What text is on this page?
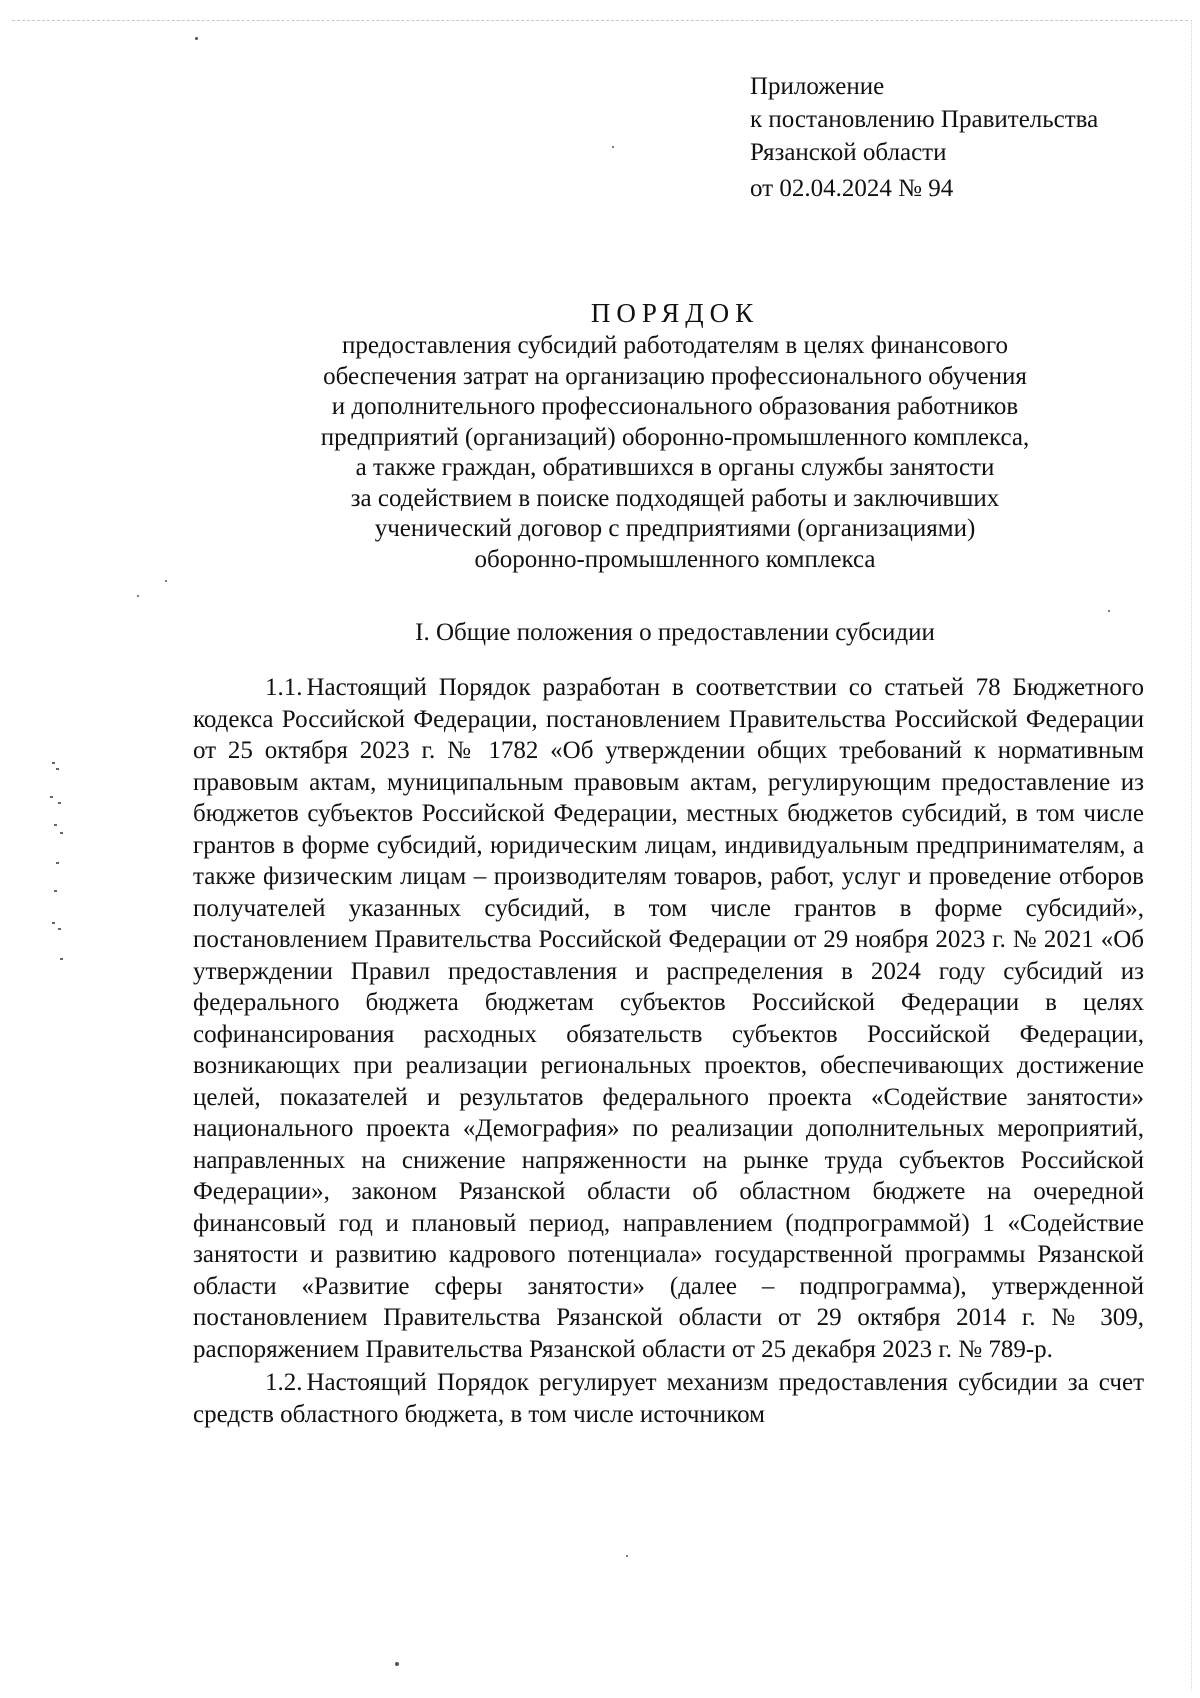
Приложение
к постановлению Правительства
Рязанской области
от 02.04.2024 № 94
ПОРЯДОК
предоставления субсидий работодателям в целях финансового
обеспечения затрат на организацию профессионального обучения
и дополнительного профессионального образования работников
предприятий (организаций) оборонно-промышленного комплекса,
а также граждан, обратившихся в органы службы занятости
за содействием в поиске подходящей работы и заключивших
ученический договор с предприятиями (организациями)
оборонно-промышленного комплекса
I. Общие положения о предоставлении субсидии

1.1. Настоящий Порядок разработан в соответствии со статьей 78 Бюджетного кодекса Российской Федерации, постановлением Правительства Российской Федерации от 25 октября 2023 г. № 1782 «Об утверждении общих требований к нормативным правовым актам, муниципальным правовым актам, регулирующим предоставление из бюджетов субъектов Российской Федерации, местных бюджетов субсидий, в том числе грантов в форме субсидий, юридическим лицам, индивидуальным предпринимателям, а также физическим лицам – производителям товаров, работ, услуг и проведение отборов получателей указанных субсидий, в том числе грантов в форме субсидий», постановлением Правительства Российской Федерации от 29 ноября 2023 г. № 2021 «Об утверждении Правил предоставления и распределения в 2024 году субсидий из федерального бюджета бюджетам субъектов Российской Федерации в целях софинансирования расходных обязательств субъектов Российской Федерации, возникающих при реализации региональных проектов, обеспечивающих достижение целей, показателей и результатов федерального проекта «Содействие занятости» национального проекта «Демография» по реализации дополнительных мероприятий, направленных на снижение напряженности на рынке труда субъектов Российской Федерации», законом Рязанской области об областном бюджете на очередной финансовый год и плановый период, направлением (подпрограммой) 1 «Содействие занятости и развитию кадрового потенциала» государственной программы Рязанской области «Развитие сферы занятости» (далее – подпрограмма), утвержденной постановлением Правительства Рязанской области от 29 октября 2014 г. № 309, распоряжением Правительства Рязанской области от 25 декабря 2023 г. № 789-р.

1.2. Настоящий Порядок регулирует механизм предоставления субсидии за счет средств областного бюджета, в том числе источником
